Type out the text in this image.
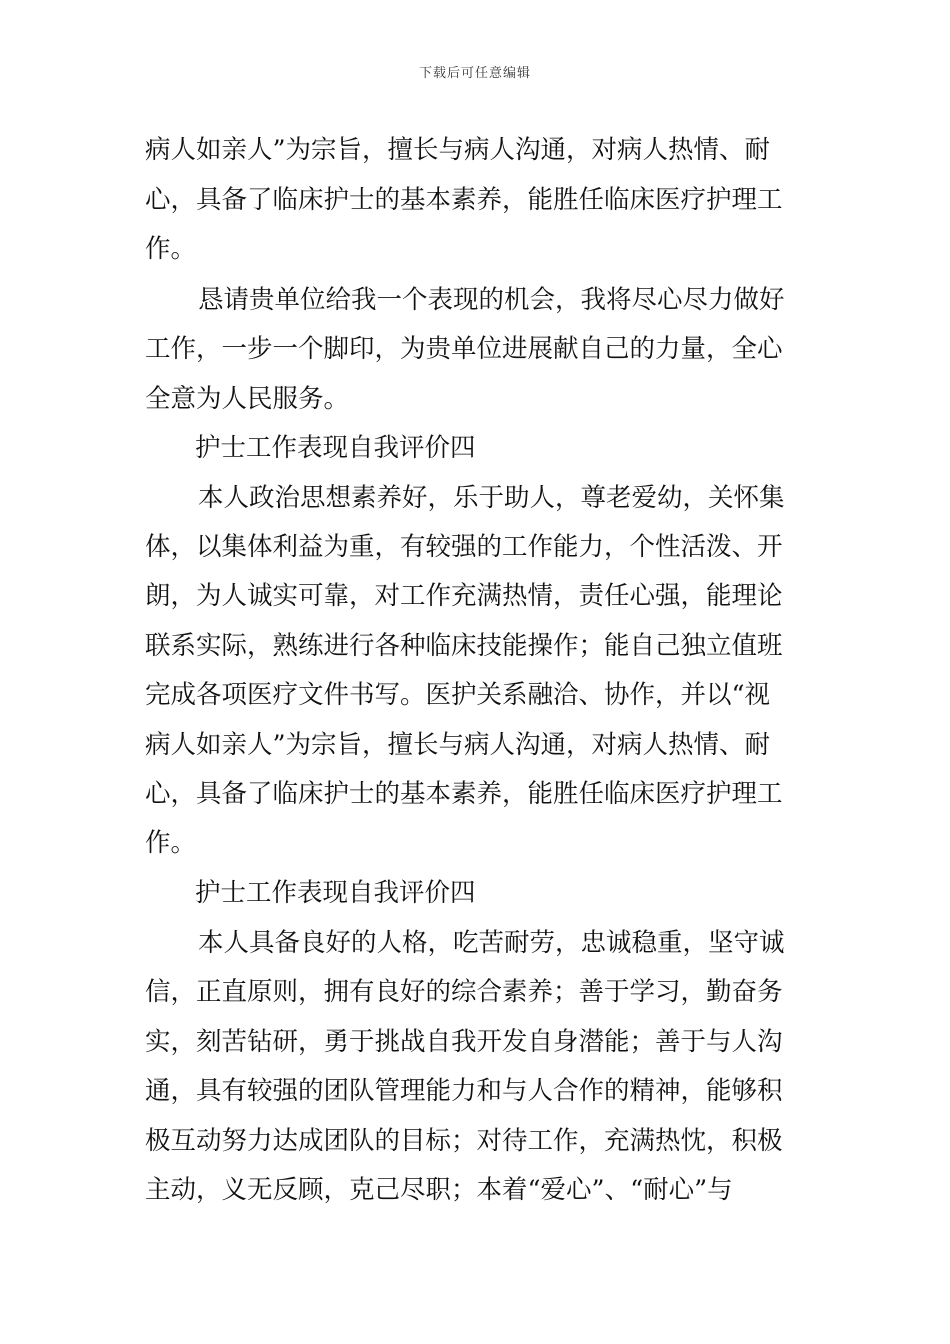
下载后可任意编辑
病人如亲人”为宗旨，擅长与病人沟通，对病人热情、耐
心，具备了临床护士的基本素养，能胜任临床医疗护理工
作。
恳请贵单位给我一个表现的机会，我将尽心尽力做好
工作，一步一个脚印，为贵单位进展献自己的力量，全心
全意为人民服务。
护士工作表现自我评价四
本人政治思想素养好，乐于助人，尊老爱幼，关怀集
体，以集体利益为重，有较强的工作能力，个性活泼、开
朗，为人诚实可靠，对工作充满热情，责任心强，能理论
联系实际，熟练进行各种临床技能操作；能自己独立值班
完成各项医疗文件书写。医护关系融洽、协作，并以“视
病人如亲人”为宗旨，擅长与病人沟通，对病人热情、耐
心，具备了临床护士的基本素养，能胜任临床医疗护理工
作。
护士工作表现自我评价四
本人具备良好的人格，吃苦耐劳，忠诚稳重，坚守诚
信，正直原则，拥有良好的综合素养；善于学习，勤奋务
实，刻苦钻研，勇于挑战自我开发自身潜能；善于与人沟
通，具有较强的团队管理能力和与人合作的精神，能够积
极互动努力达成团队的目标；对待工作，充满热忱，积极
主动，义无反顾，克己尽职；本着“爱心”、“耐心”与
